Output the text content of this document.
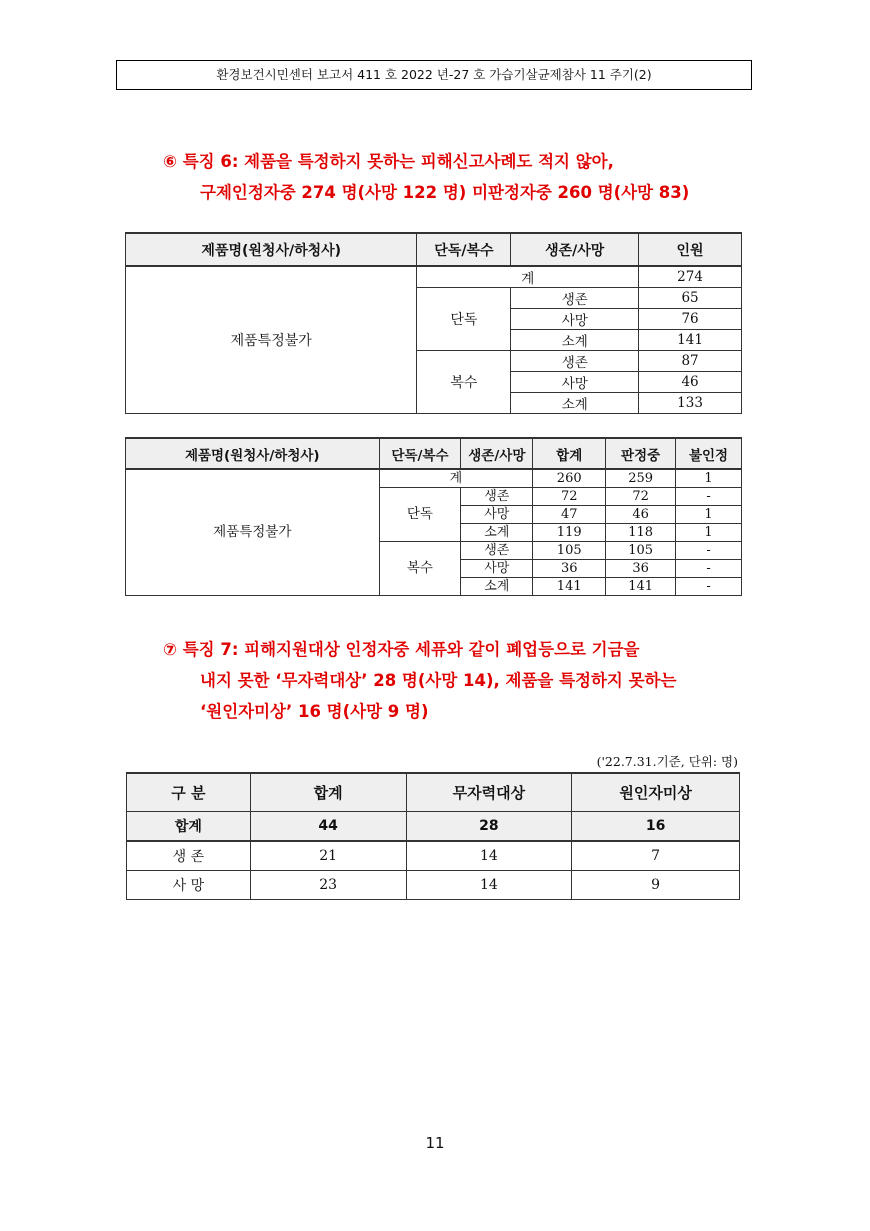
환경보건시민센터 보고서 411 호 2022 년-27 호 가습기살균제참사 11 주기(2)
⑥ 특징 6: 제품을 특정하지 못하는 피해신고사례도 적지 않아,
구제인정자중 274 명(사망 122 명) 미판정자중 260 명(사망 83)
제품명(원청사/하청사)	단독/복수	생존/사망	인원
제품특정불가	계		274
	단독	생존	65
		사망	76
		소계	141
	복수	생존	87
		사망	46
		소계	133
제품명(원청사/하청사)	단독/복수	생존/사망	합계	판정중	불인정
제품특정불가	계		260	259	1
	단독	생존	72	72	-
		사망	47	46	1
		소계	119	118	1
	복수	생존	105	105	-
		사망	36	36	-
		소계	141	141	-
⑦ 특징 7: 피해지원대상 인정자중 세퓨와 같이 폐업등으로 기금을
내지 못한 ‘무자력대상’ 28 명(사망 14), 제품을 특정하지 못하는
‘원인자미상’ 16 명(사망 9 명)
('22.7.31.기준, 단위: 명)
구 분	합계	무자력대상	원인자미상
합계	44	28	16
생 존	21	14	7
사 망	23	14	9
11
